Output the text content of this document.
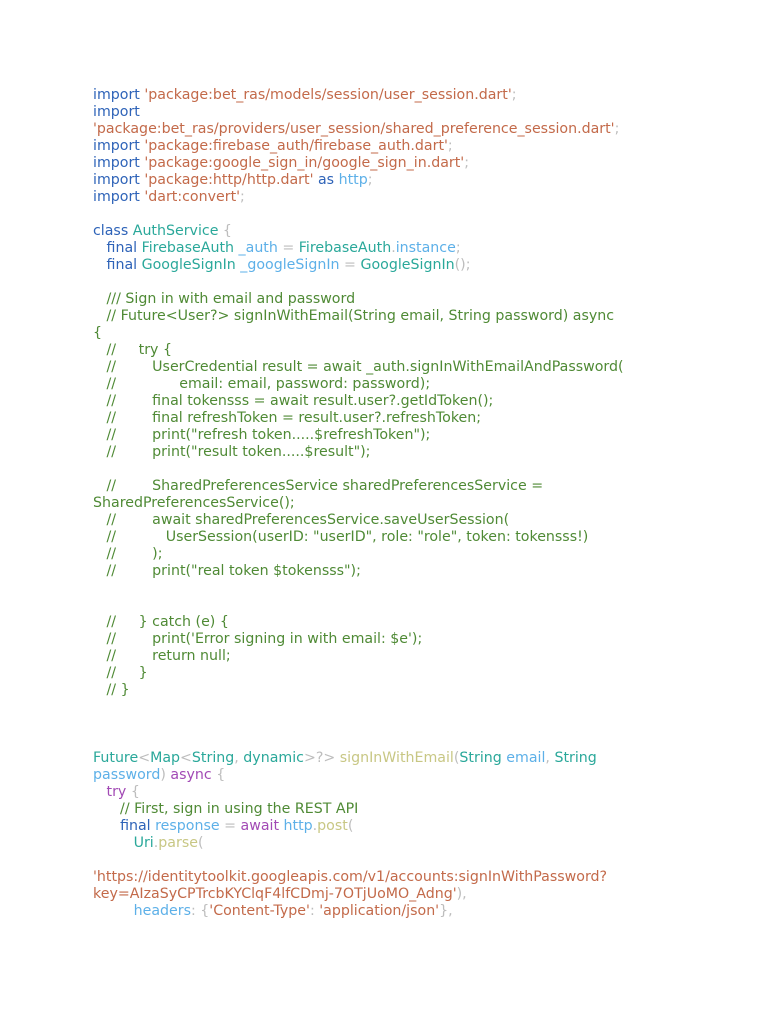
import 'package:bet_ras/models/session/user_session.dart';
import
'package:bet_ras/providers/user_session/shared_preference_session.dart';
import 'package:firebase_auth/firebase_auth.dart';
import 'package:google_sign_in/google_sign_in.dart';
import 'package:http/http.dart' as http;
import 'dart:convert';
class AuthService {
final FirebaseAuth _auth = FirebaseAuth.instance;
final GoogleSignIn _googleSignIn = GoogleSignIn();
/// Sign in with email and password
// Future<User?> signInWithEmail(String email, String password) async
{
//     try {
//        UserCredential result = await _auth.signInWithEmailAndPassword(
//              email: email, password: password);
//        final tokensss = await result.user?.getIdToken();
//        final refreshToken = result.user?.refreshToken;
//        print("refresh token.....$refreshToken");
//        print("result token.....$result");
//        SharedPreferencesService sharedPreferencesService =
SharedPreferencesService();
//        await sharedPreferencesService.saveUserSession(
//           UserSession(userID: "userID", role: "role", token: tokensss!)
//        );
//        print("real token $tokensss");
//     } catch (e) {
//        print('Error signing in with email: $e');
//        return null;
//     }
// }
Future<Map<String, dynamic>?> signInWithEmail(String email, String
password) async {
try {
// First, sign in using the REST API
final response = await http.post(
Uri.parse(
'https://identitytoolkit.googleapis.com/v1/accounts:signInWithPassword?
key=AIzaSyCPTrcbKYClqF4lfCDmj-7OTjUoMO_Adng'),
headers: {'Content-Type': 'application/json'},
